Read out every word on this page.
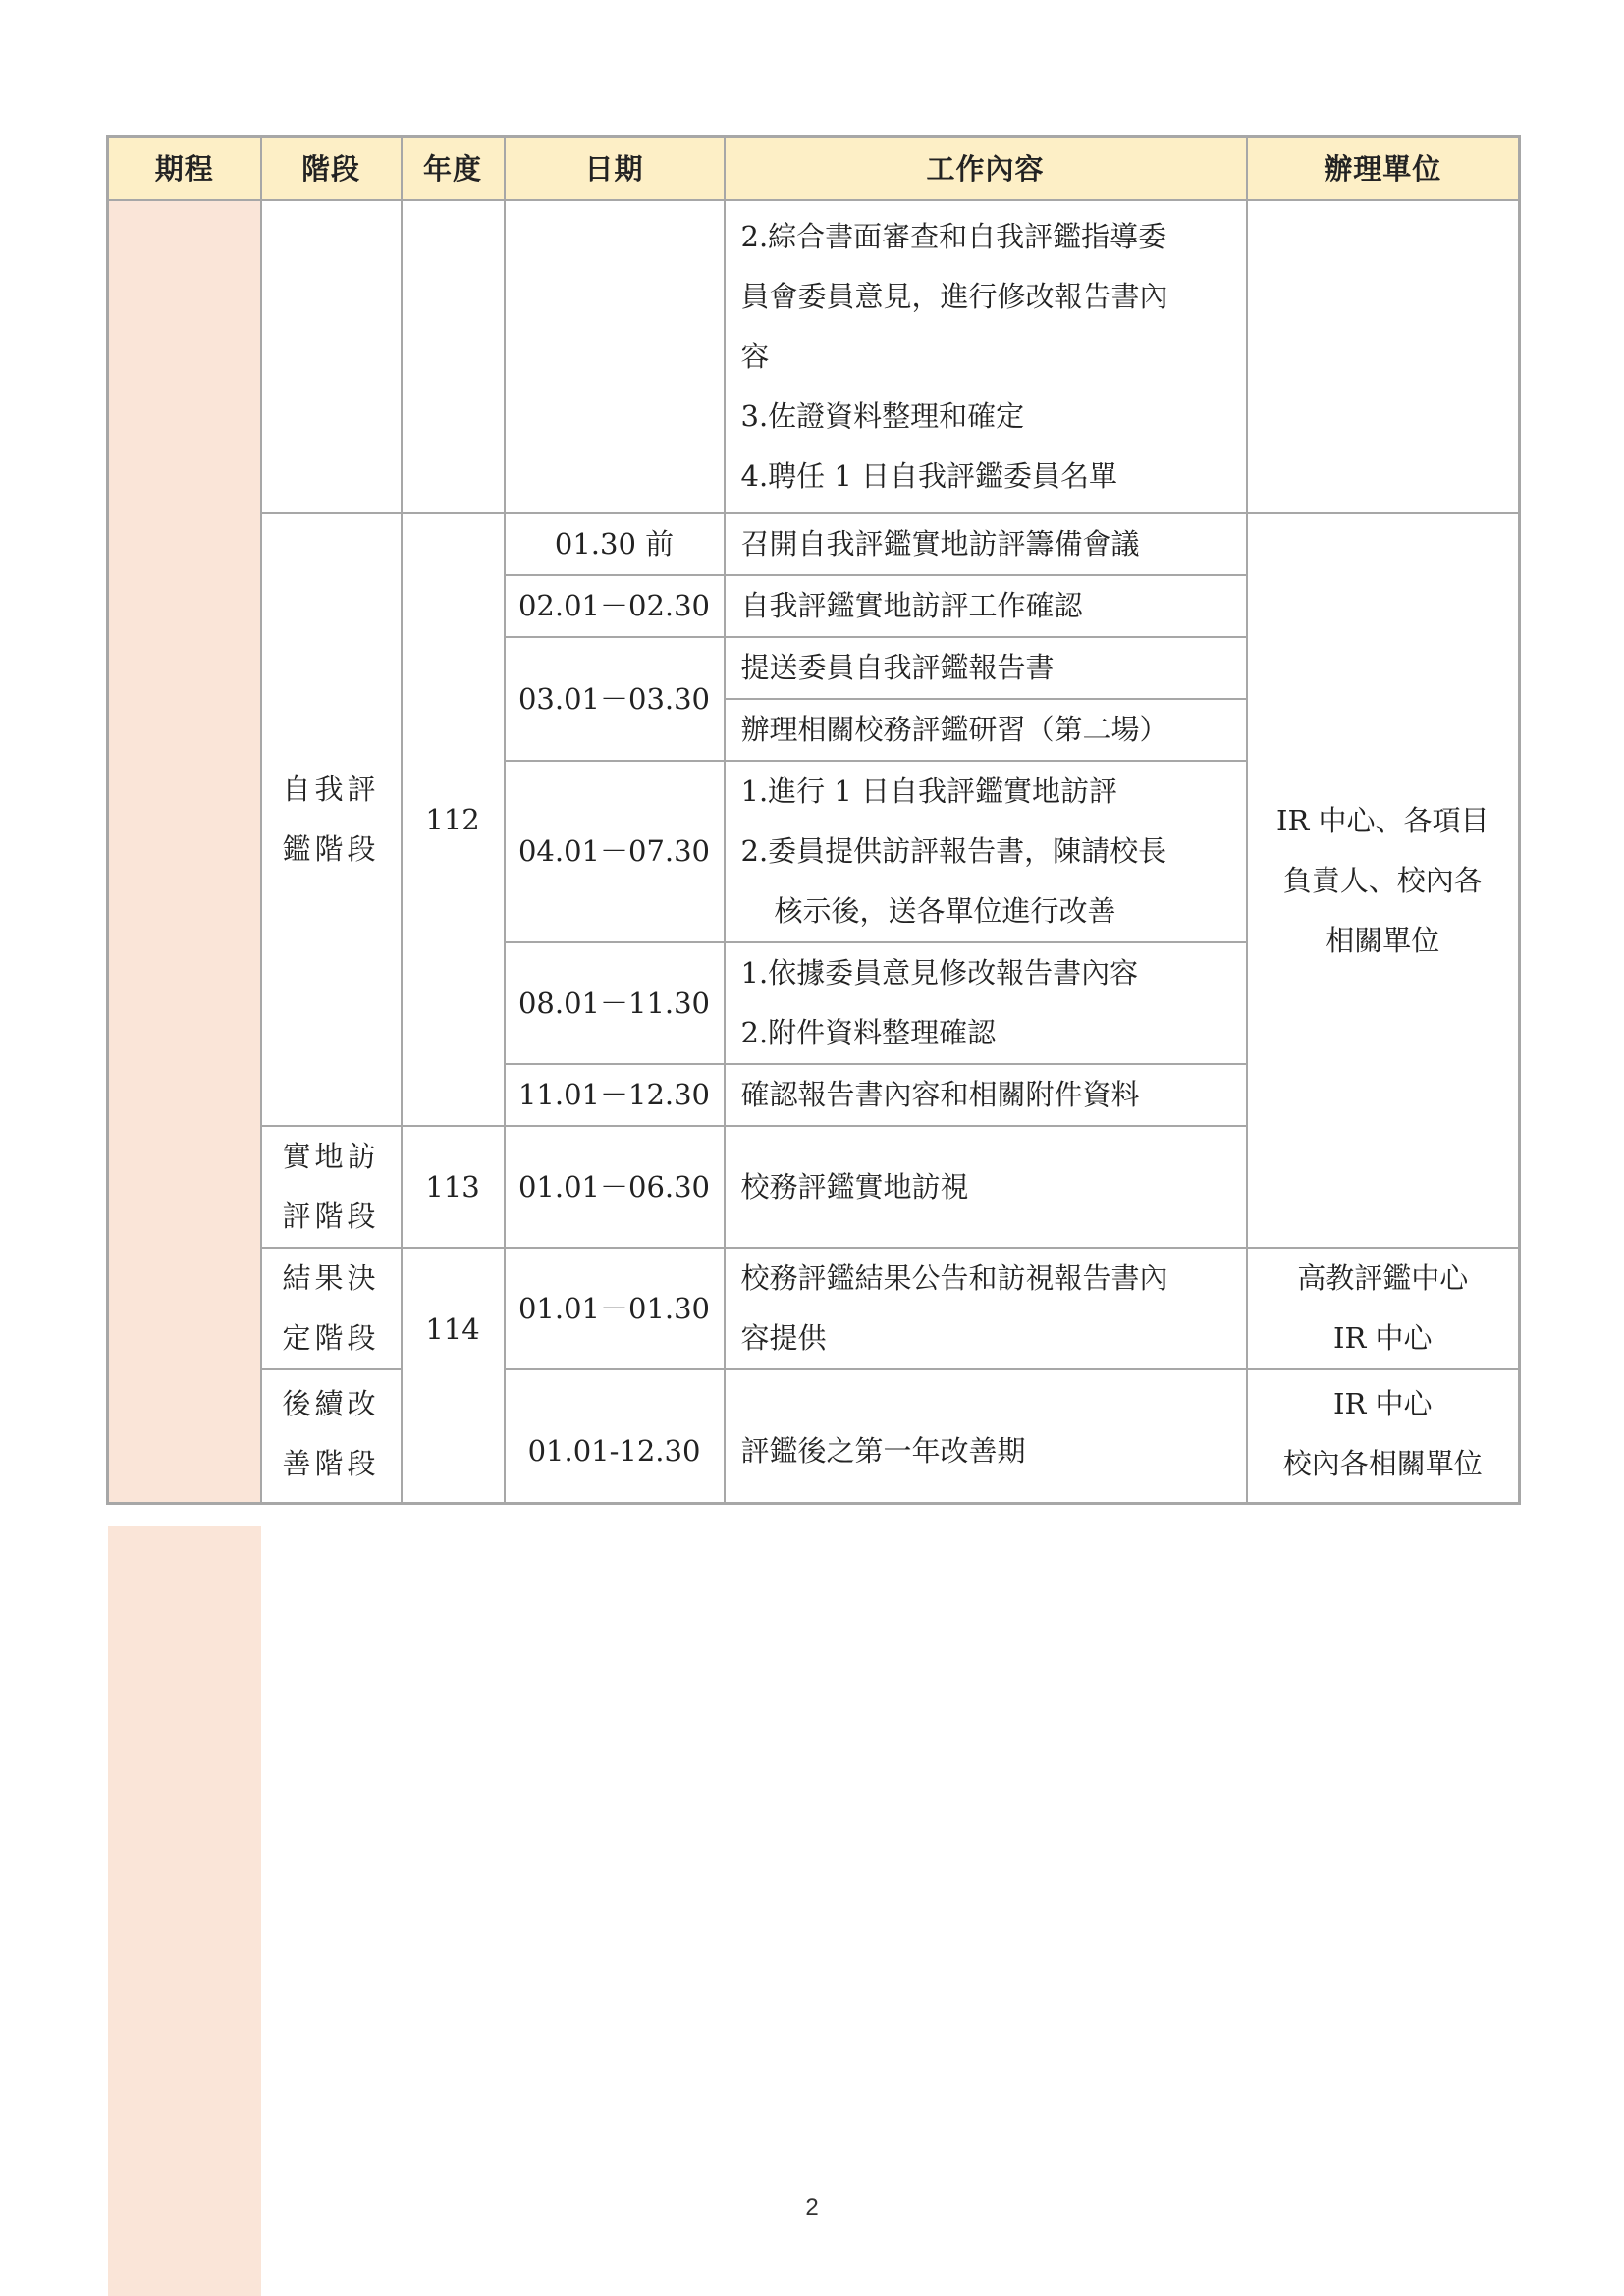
期程	階段	年度	日期	工作內容	辦理單位

				2.綜合書面審查和自我評鑑指導委
員會委員意見，進行修改報告書內
容
3.佐證資料整理和確定
4.聘任 1 日自我評鑑委員名單	

	自我評
鑑階段	112	01.30 前	召開自我評鑑實地訪評籌備會議	IR 中心、各項目
負責人、校內各
相關單位

			02.01－02.30	自我評鑑實地訪評工作確認	

			03.01－03.30	提送委員自我評鑑報告書	

				辦理相關校務評鑑研習（第二場）	

			04.01－07.30	1.進行 1 日自我評鑑實地訪評
2.委員提供訪評報告書，陳請校長
核示後，送各單位進行改善	

			08.01－11.30	1.依據委員意見修改報告書內容
2.附件資料整理確認	

			11.01－12.30	確認報告書內容和相關附件資料	

	實地訪
評階段	113	01.01－06.30	校務評鑑實地訪視	

	結果決
定階段	114	01.01－01.30	校務評鑑結果公告和訪視報告書內
容提供	高教評鑑中心
IR 中心

	後續改
善階段		01.01-12.30	評鑑後之第一年改善期	IR 中心
校內各相關單位
2
